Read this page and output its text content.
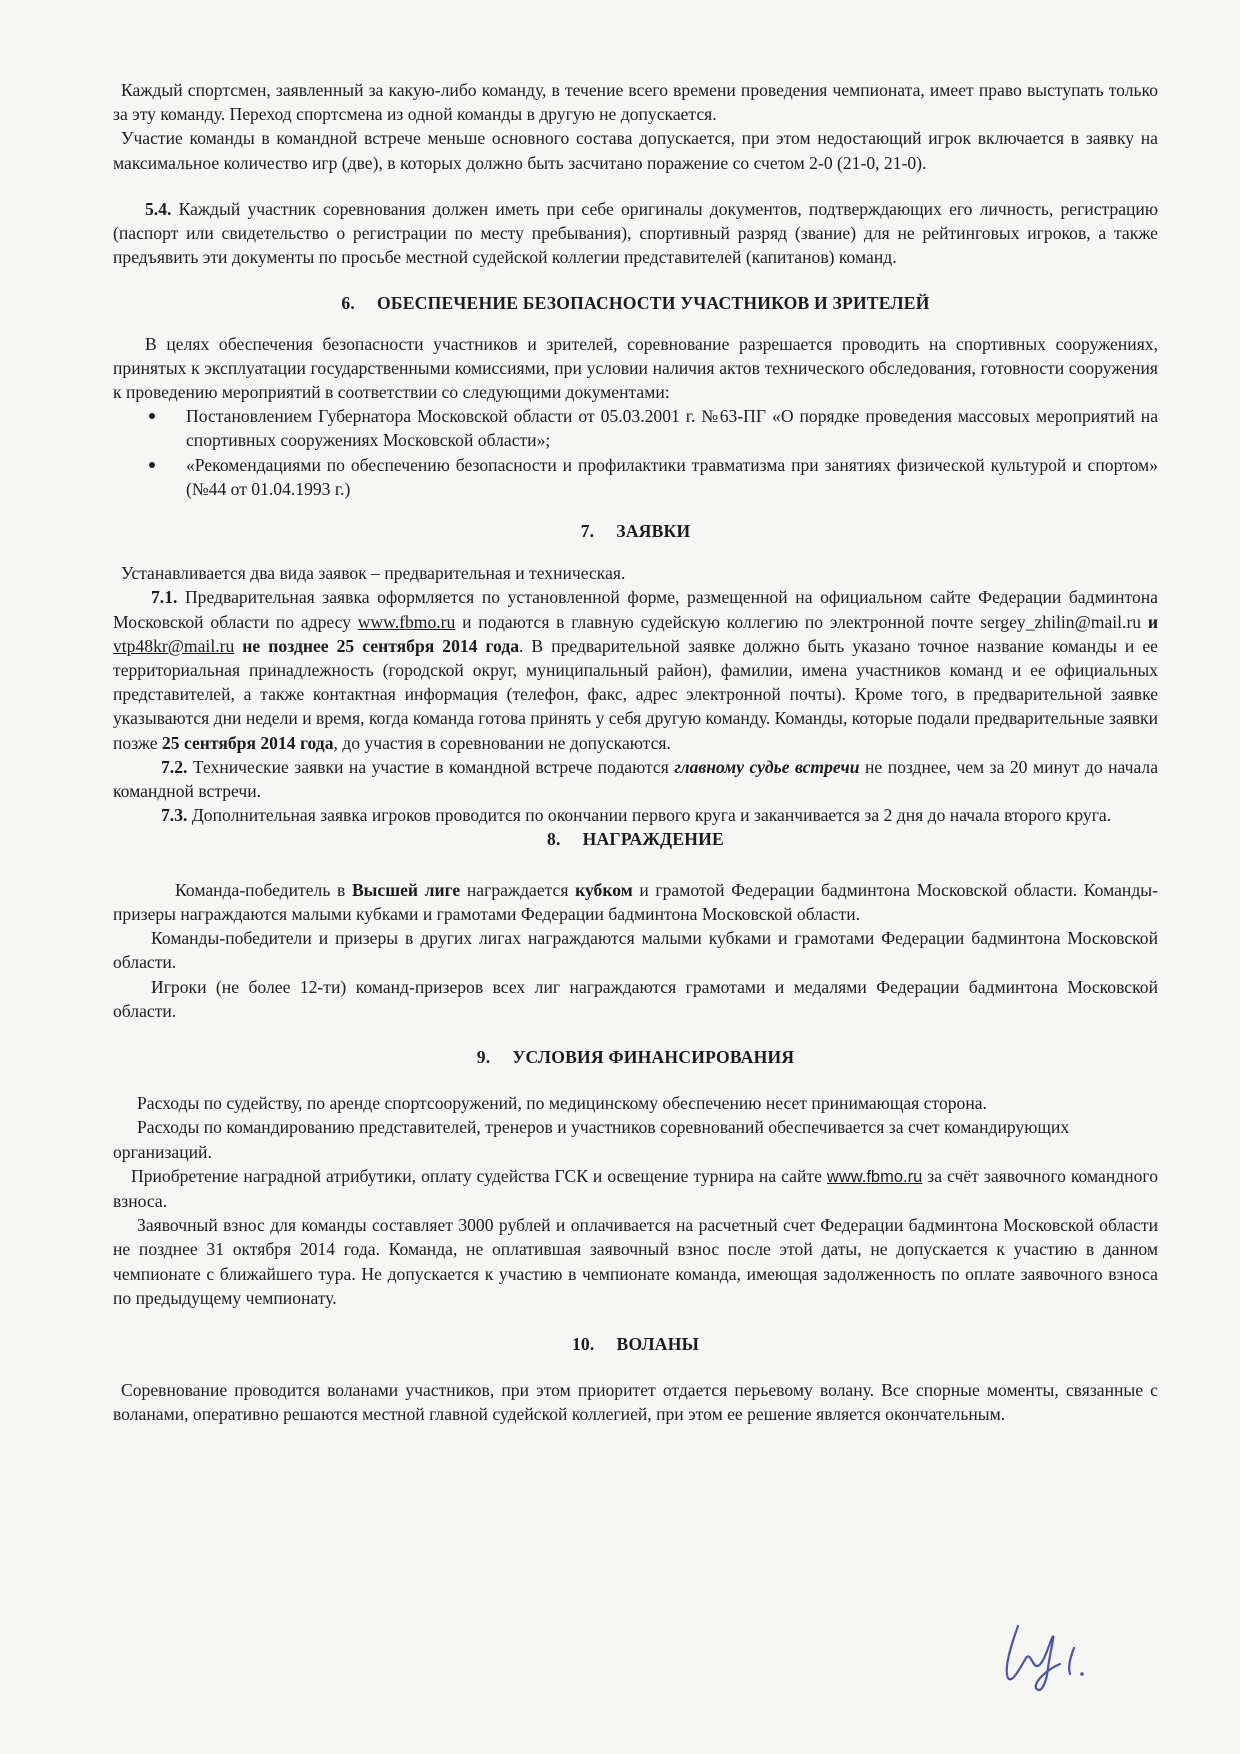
Каждый спортсмен, заявленный за какую-либо команду, в течение всего времени проведения чемпионата, имеет право выступать только за эту команду. Переход спортсмена из одной команды в другую не допускается.

Участие команды в командной встрече меньше основного состава допускается, при этом недостающий игрок включается в заявку на максимальное количество игр (две), в которых должно быть засчитано поражение со счетом 2-0 (21-0, 21-0).

5.4. Каждый участник соревнования должен иметь при себе оригиналы документов, подтверждающих его личность, регистрацию (паспорт или свидетельство о регистрации по месту пребывания), спортивный разряд (звание) для не рейтинговых игроков, а также предъявить эти документы по просьбе местной судейской коллегии представителей (капитанов) команд.

6. ОБЕСПЕЧЕНИЕ БЕЗОПАСНОСТИ УЧАСТНИКОВ И ЗРИТЕЛЕЙ

В целях обеспечения безопасности участников и зрителей, соревнование разрешается проводить на спортивных сооружениях, принятых к эксплуатации государственными комиссиями, при условии наличия актов технического обследования, готовности сооружения к проведению мероприятий в соответствии со следующими документами:

Постановлением Губернатора Московской области от 05.03.2001 г. №63-ПГ «О порядке проведения массовых мероприятий на спортивных сооружениях Московской области»;
«Рекомендациями по обеспечению безопасности и профилактики травматизма при занятиях физической культурой и спортом» (№44 от 01.04.1993 г.)
7. ЗАЯВКИ

Устанавливается два вида заявок – предварительная и техническая.

7.1. Предварительная заявка оформляется по установленной форме, размещенной на официальном сайте Федерации бадминтона Московской области по адресу www.fbmo.ru и подаются в главную судейскую коллегию по электронной почте sergey_zhilin@mail.ru и vtp48kr@mail.ru не позднее 25 сентября 2014 года. В предварительной заявке должно быть указано точное название команды и ее территориальная принадлежность (городской округ, муниципальный район), фамилии, имена участников команд и ее официальных представителей, а также контактная информация (телефон, факс, адрес электронной почты). Кроме того, в предварительной заявке указываются дни недели и время, когда команда готова принять у себя другую команду. Команды, которые подали предварительные заявки позже 25 сентября 2014 года, до участия в соревновании не допускаются.

7.2. Технические заявки на участие в командной встрече подаются главному судье встречи не позднее, чем за 20 минут до начала командной встречи.

7.3. Дополнительная заявка игроков проводится по окончании первого круга и заканчивается за 2 дня до начала второго круга.

8. НАГРАЖДЕНИЕ

Команда-победитель в Высшей лиге награждается кубком и грамотой Федерации бадминтона Московской области. Команды-призеры награждаются малыми кубками и грамотами Федерации бадминтона Московской области.

Команды-победители и призеры в других лигах награждаются малыми кубками и грамотами Федерации бадминтона Московской области.

Игроки (не более 12-ти) команд-призеров всех лиг награждаются грамотами и медалями Федерации бадминтона Московской области.

9. УСЛОВИЯ ФИНАНСИРОВАНИЯ

Расходы по судейству, по аренде спортсооружений, по медицинскому обеспечению несет принимающая сторона.

Расходы по командированию представителей, тренеров и участников соревнований обеспечивается за счет командирующих организаций.

Приобретение наградной атрибутики, оплату судейства ГСК и освещение турнира на сайте www.fbmo.ru за счёт заявочного командного взноса.

Заявочный взнос для команды составляет 3000 рублей и оплачивается на расчетный счет Федерации бадминтона Московской области не позднее 31 октября 2014 года. Команда, не оплатившая заявочный взнос после этой даты, не допускается к участию в данном чемпионате с ближайшего тура. Не допускается к участию в чемпионате команда, имеющая задолженность по оплате заявочного взноса по предыдущему чемпионату.

10. ВОЛАНЫ

Соревнование проводится воланами участников, при этом приоритет отдается перьевому волану. Все спорные моменты, связанные с воланами, оперативно решаются местной главной судейской коллегией, при этом ее решение является окончательным.
